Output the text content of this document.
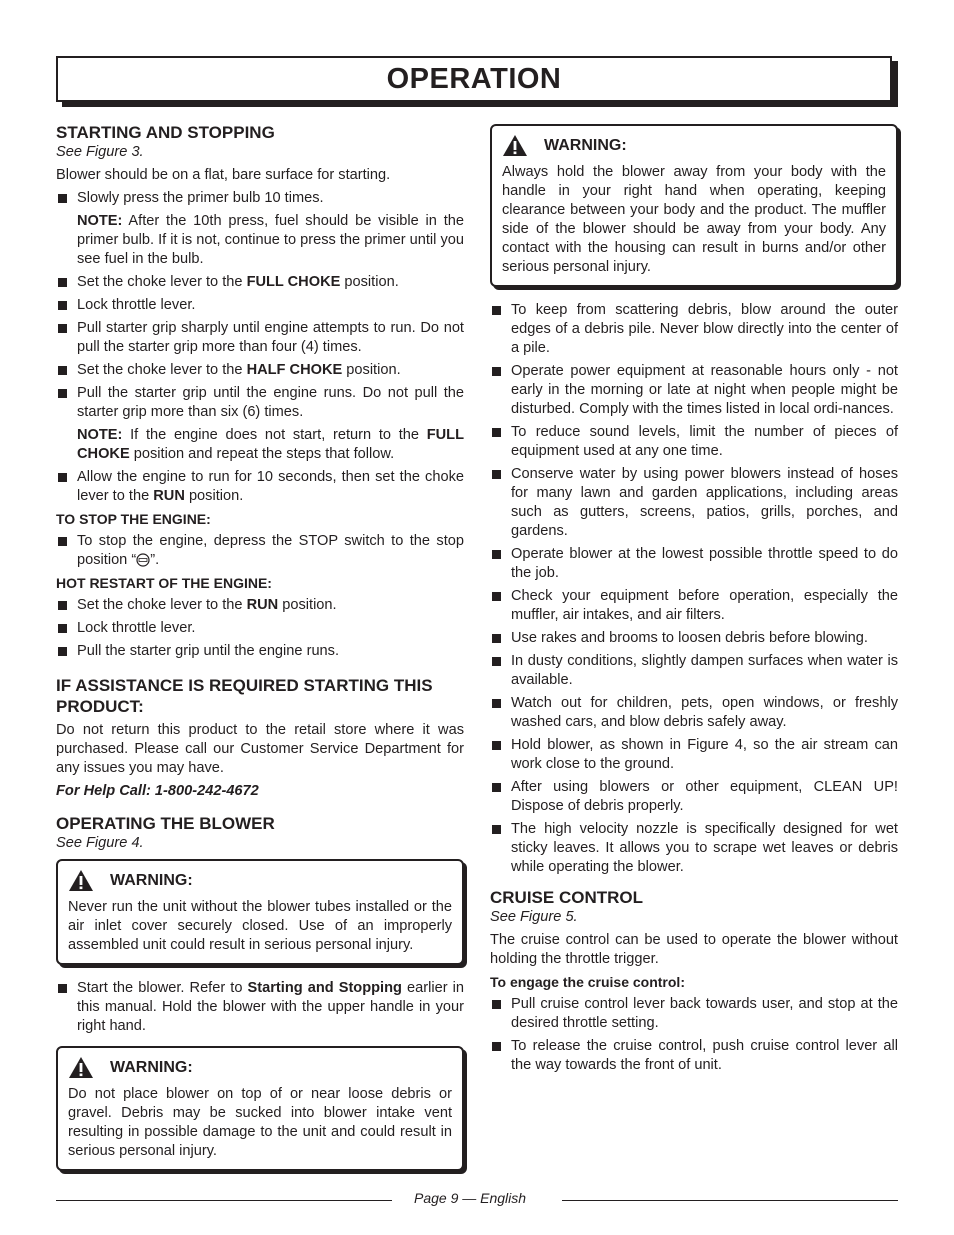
OPERATION
STARTING AND STOPPING
See Figure 3.

Blower should be on a flat, bare surface for starting.

Slowly press the primer bulb 10 times.
NOTE: After the 10th press, fuel should be visible in the primer bulb. If it is not, continue to press the primer until you see fuel in the bulb.
Set the choke lever to the FULL CHOKE position.
Lock throttle lever.
Pull starter grip sharply until engine attempts to run. Do not pull the starter grip more than four (4) times.
Set the choke lever to the HALF CHOKE position.
Pull the starter grip until the engine runs. Do not pull the starter grip more than six (6) times.
NOTE: If the engine does not start, return to the FULL CHOKE position and repeat the steps that follow.
Allow the engine to run for 10 seconds, then set the choke lever to the RUN position.
TO STOP THE ENGINE:
To stop the engine, depress the STOP switch to the stop position “ ”.
HOT RESTART OF THE ENGINE:
Set the choke lever to the RUN position.
Lock throttle lever.
Pull the starter grip until the engine runs.
IF ASSISTANCE IS REQUIRED STARTING THIS PRODUCT:

Do not return this product to the retail store where it was purchased. Please call our Customer Service Department for any issues you may have.

For Help Call: 1-800-242-4672
OPERATING THE BLOWER
See Figure 4.
WARNING:

Never run the unit without the blower tubes installed or the air inlet cover securely closed. Use of an improperly assembled unit could result in serious personal injury.

Start the blower. Refer to Starting and Stopping earlier in this manual. Hold the blower with the upper handle in your right hand.
WARNING:

Do not place blower on top of or near loose debris or gravel. Debris may be sucked into blower intake vent resulting in possible damage to the unit and could result in serious personal injury.

WARNING:

Always hold the blower away from your body with the handle in your right hand when operating, keeping clearance between your body and the product. The muffler side of the blower should be away from your body. Any contact with the housing can result in burns and/or other serious personal injury.

To keep from scattering debris, blow around the outer edges of a debris pile. Never blow directly into the center of a pile.
Operate power equipment at reasonable hours only - not early in the morning or late at night when people might be disturbed. Comply with the times listed in local ordi-nances.
To reduce sound levels, limit the number of pieces of equipment used at any one time.
Conserve water by using power blowers instead of hoses for many lawn and garden applications, including areas such as gutters, screens, patios, grills, porches, and gardens.
Operate blower at the lowest possible throttle speed to do the job.
Check your equipment before operation, especially the muffler, air intakes, and air filters.
Use rakes and brooms to loosen debris before blowing.
In dusty conditions, slightly dampen surfaces when water is available.
Watch out for children, pets, open windows, or freshly washed cars, and blow debris safely away.
Hold blower, as shown in Figure 4, so the air stream can work close to the ground.
After using blowers or other equipment, CLEAN UP! Dispose of debris properly.
The high velocity nozzle is specifically designed for wet sticky leaves. It allows you to scrape wet leaves or debris while operating the blower.
CRUISE CONTROL
See Figure 5.

The cruise control can be used to operate the blower without holding the throttle trigger.

To engage the cruise control:
Pull cruise control lever back towards user, and stop at the desired throttle setting.
To release the cruise control, push cruise control lever all the way towards the front of unit.
Page 9 — English
